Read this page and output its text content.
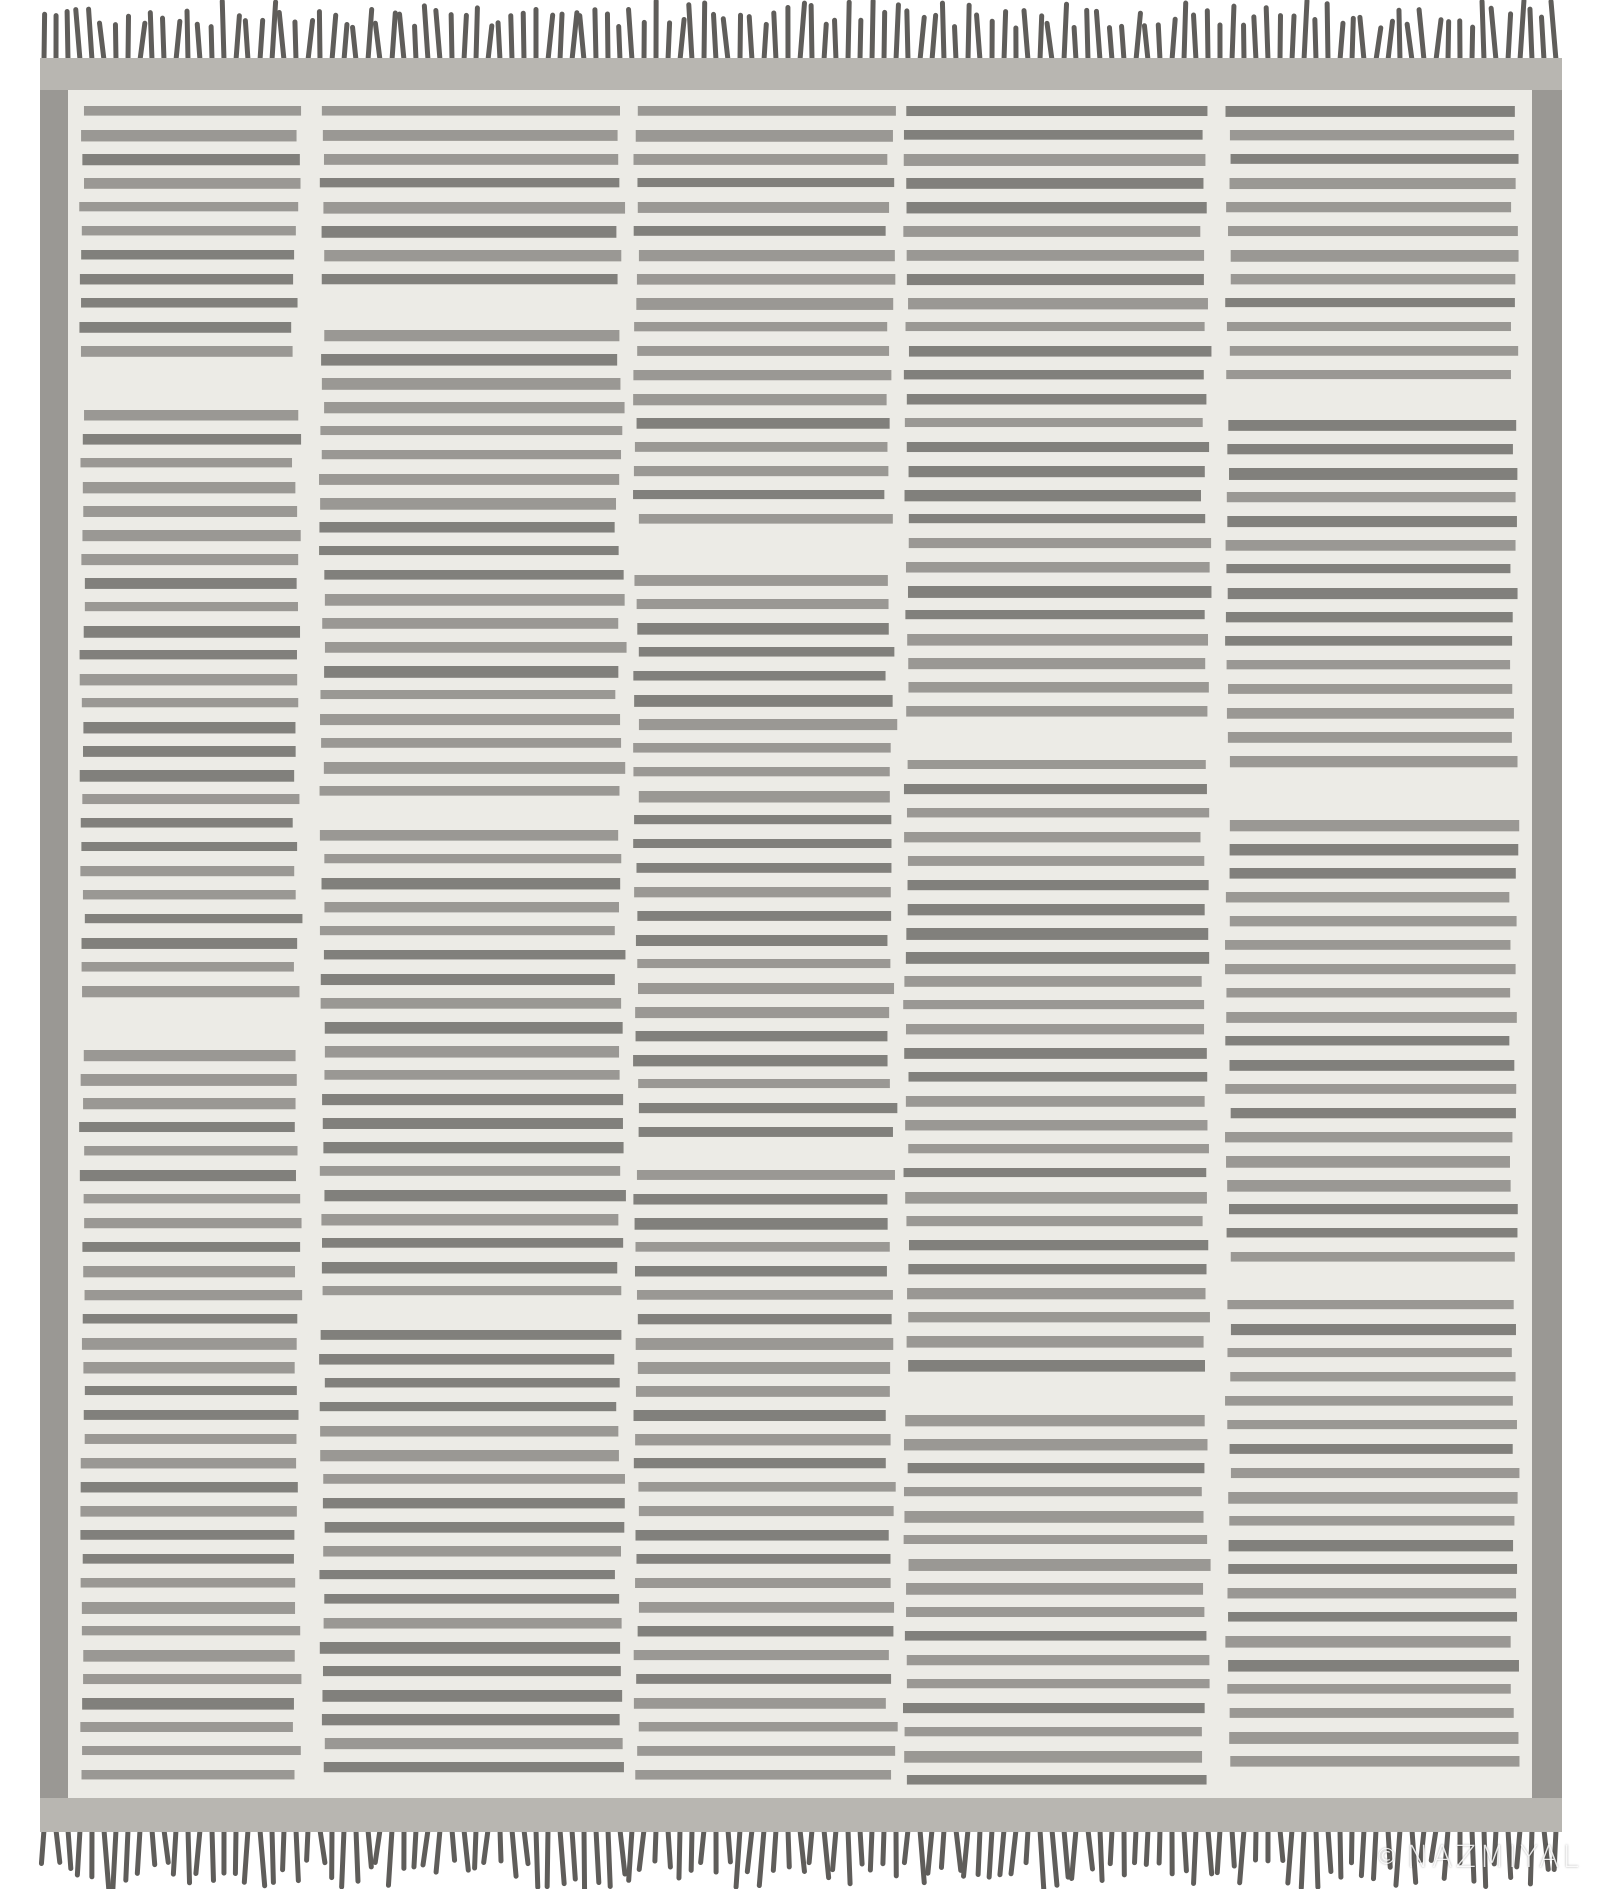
© NAZMIYAL
